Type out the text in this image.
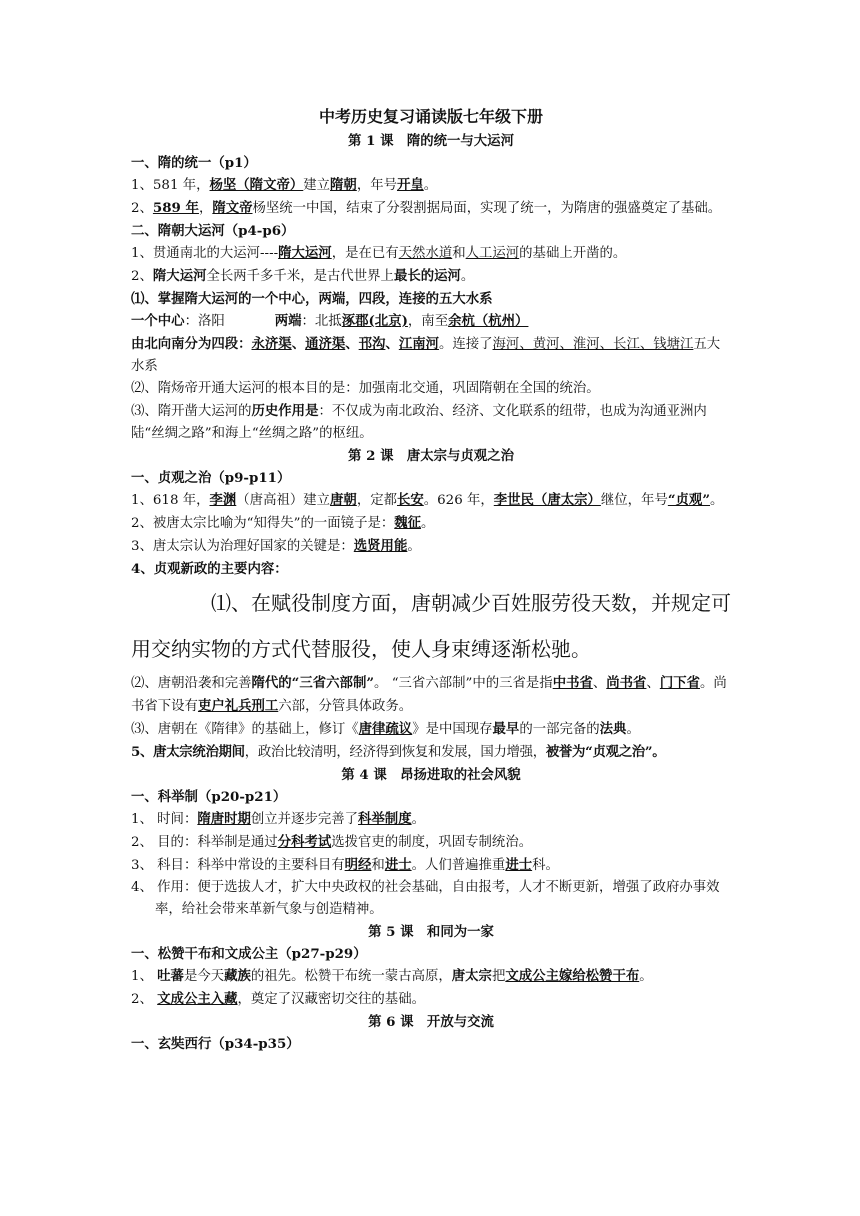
中考历史复习诵读版七年级下册
第 1 课　隋的统一与大运河
一、隋的统一（p1）
1、581 年，杨坚（隋文帝）建立隋朝，年号开皇。
2、589 年，隋文帝杨坚统一中国，结束了分裂割据局面，实现了统一，为隋唐的强盛奠定了基础。
二、隋朝大运河（p4-p6）
1、贯通南北的大运河----隋大运河，是在已有天然水道和人工运河的基础上开凿的。
2、隋大运河全长两千多千米，是古代世界上最长的运河。
⑴、掌握隋大运河的一个中心，两端，四段，连接的五大水系
一个中心：洛阳	两端：北抵涿郡(北京)，南至余杭（杭州）
由北向南分为四段：永济渠、通济渠、邗沟、江南河。连接了海河、黄河、淮河、长江、钱塘江五大水系
⑵、隋炀帝开通大运河的根本目的是：加强南北交通，巩固隋朝在全国的统治。
⑶、隋开凿大运河的历史作用是：不仅成为南北政治、经济、文化联系的纽带，也成为沟通亚洲内陆“丝绸之路”和海上“丝绸之路”的枢纽。
第 2 课　唐太宗与贞观之治
一、贞观之治（p9-p11）
1、618 年，李渊（唐高祖）建立唐朝，定都长安。626 年，李世民（唐太宗）继位，年号“贞观”。
2、被唐太宗比喻为“知得失”的一面镜子是：魏征。
3、唐太宗认为治理好国家的关键是：选贤用能。
4、贞观新政的主要内容：
⑴、在赋役制度方面，唐朝减少百姓服劳役天数，并规定可
用交纳实物的方式代替服役，使人身束缚逐渐松驰。
⑵、唐朝沿袭和完善隋代的“三省六部制”。 “三省六部制”中的三省是指中书省、尚书省、门下省。尚书省下设有吏户礼兵刑工六部，分管具体政务。
⑶、唐朝在《隋律》的基础上，修订《唐律疏议》是中国现存最早的一部完备的法典。
5、唐太宗统治期间，政治比较清明，经济得到恢复和发展，国力增强，被誉为“贞观之治”。
第 4 课　昂扬进取的社会风貌
一、科举制（p20-p21）
1、 时间：隋唐时期创立并逐步完善了科举制度。
2、 目的：科举制是通过分科考试选拨官吏的制度，巩固专制统治。
3、 科目：科举中常设的主要科目有明经和进士。人们普遍推重进士科。
4、 作用：便于选拔人才，扩大中央政权的社会基础，自由报考，人才不断更新，增强了政府办事效率，给社会带来革新气象与创造精神。
第 5 课　和同为一家
一、松赞干布和文成公主（p27-p29）
1、 吐蕃是今天藏族的祖先。松赞干布统一蒙古高原，唐太宗把文成公主嫁给松赞干布。
2、 文成公主入藏，奠定了汉藏密切交往的基础。
第 6 课　开放与交流
一、玄奘西行（p34-p35）
